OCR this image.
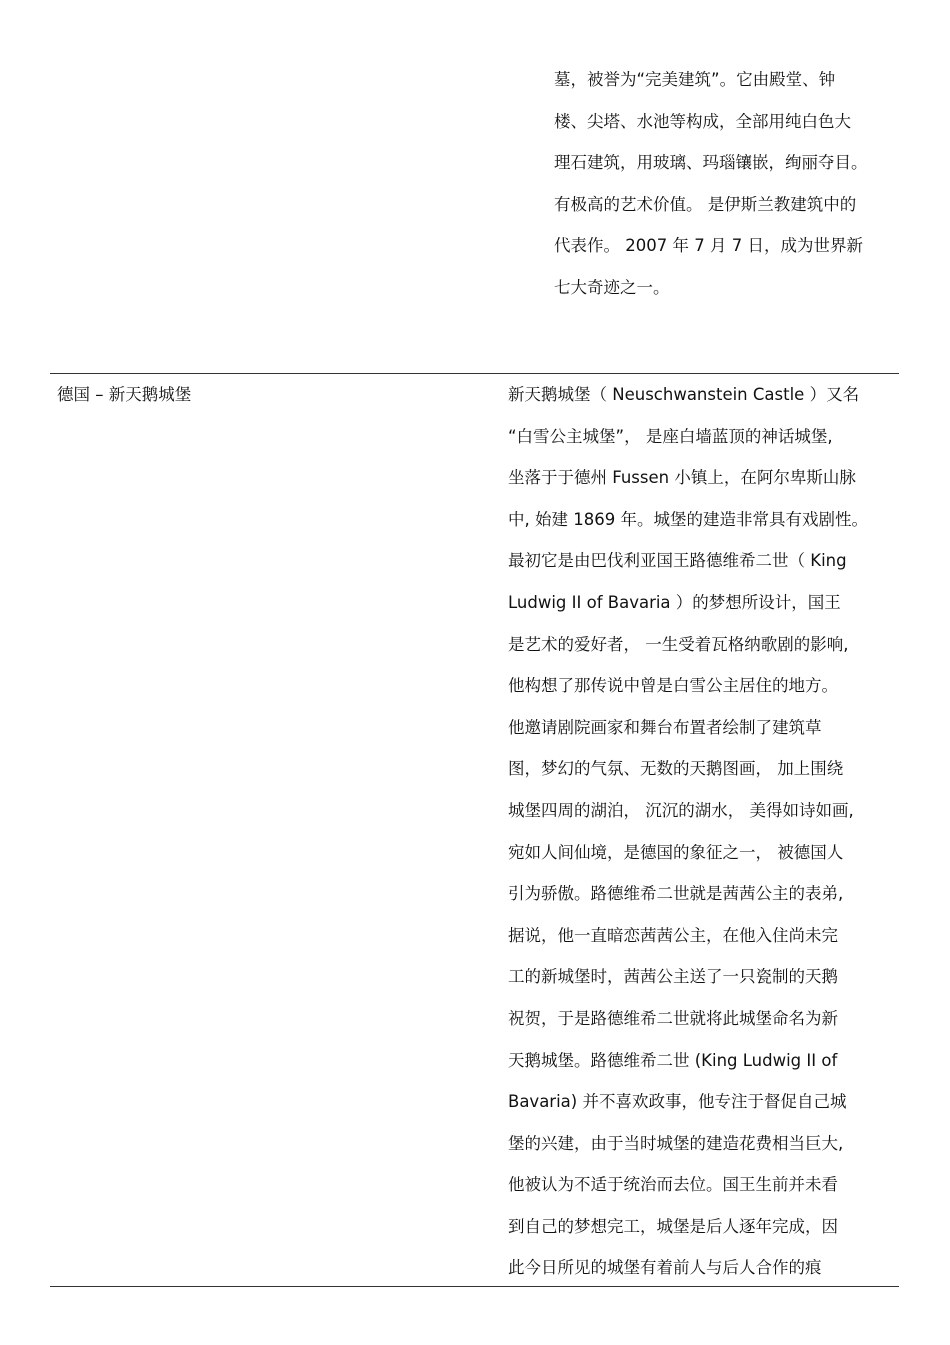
墓，被誉为“完美建筑”。它由殿堂、钟
楼、尖塔、水池等构成，全部用纯白色大
理石建筑，用玻璃、玛瑙镶嵌，绚丽夺目。
有极高的艺术价值。 是伊斯兰教建筑中的
代表作。 2007 年 7 月 7 日，成为世界新
七大奇迹之一。
德国 – 新天鹅城堡	新天鹅城堡（ Neuschwanstein Castle ）又名
“白雪公主城堡”， 是座白墙蓝顶的神话城堡,
坐落于于德州 Fussen 小镇上，在阿尔卑斯山脉
中, 始建 1869 年。城堡的建造非常具有戏剧性。
最初它是由巴伐利亚国王路德维希二世（ King
Ludwig II of Bavaria ）的梦想所设计，国王
是艺术的爱好者， 一生受着瓦格纳歌剧的影响,
他构想了那传说中曾是白雪公主居住的地方。
他邀请剧院画家和舞台布置者绘制了建筑草
图，梦幻的气氛、无数的天鹅图画， 加上围绕
城堡四周的湖泊， 沉沉的湖水， 美得如诗如画,
宛如人间仙境，是德国的象征之一， 被德国人
引为骄傲。路德维希二世就是茜茜公主的表弟,
据说，他一直暗恋茜茜公主，在他入住尚未完
工的新城堡时，茜茜公主送了一只瓷制的天鹅
祝贺，于是路德维希二世就将此城堡命名为新
天鹅城堡。路德维希二世 (King Ludwig II of
Bavaria) 并不喜欢政事，他专注于督促自己城
堡的兴建，由于当时城堡的建造花费相当巨大,
他被认为不适于统治而去位。国王生前并未看
到自己的梦想完工，城堡是后人逐年完成，因
此今日所见的城堡有着前人与后人合作的痕
